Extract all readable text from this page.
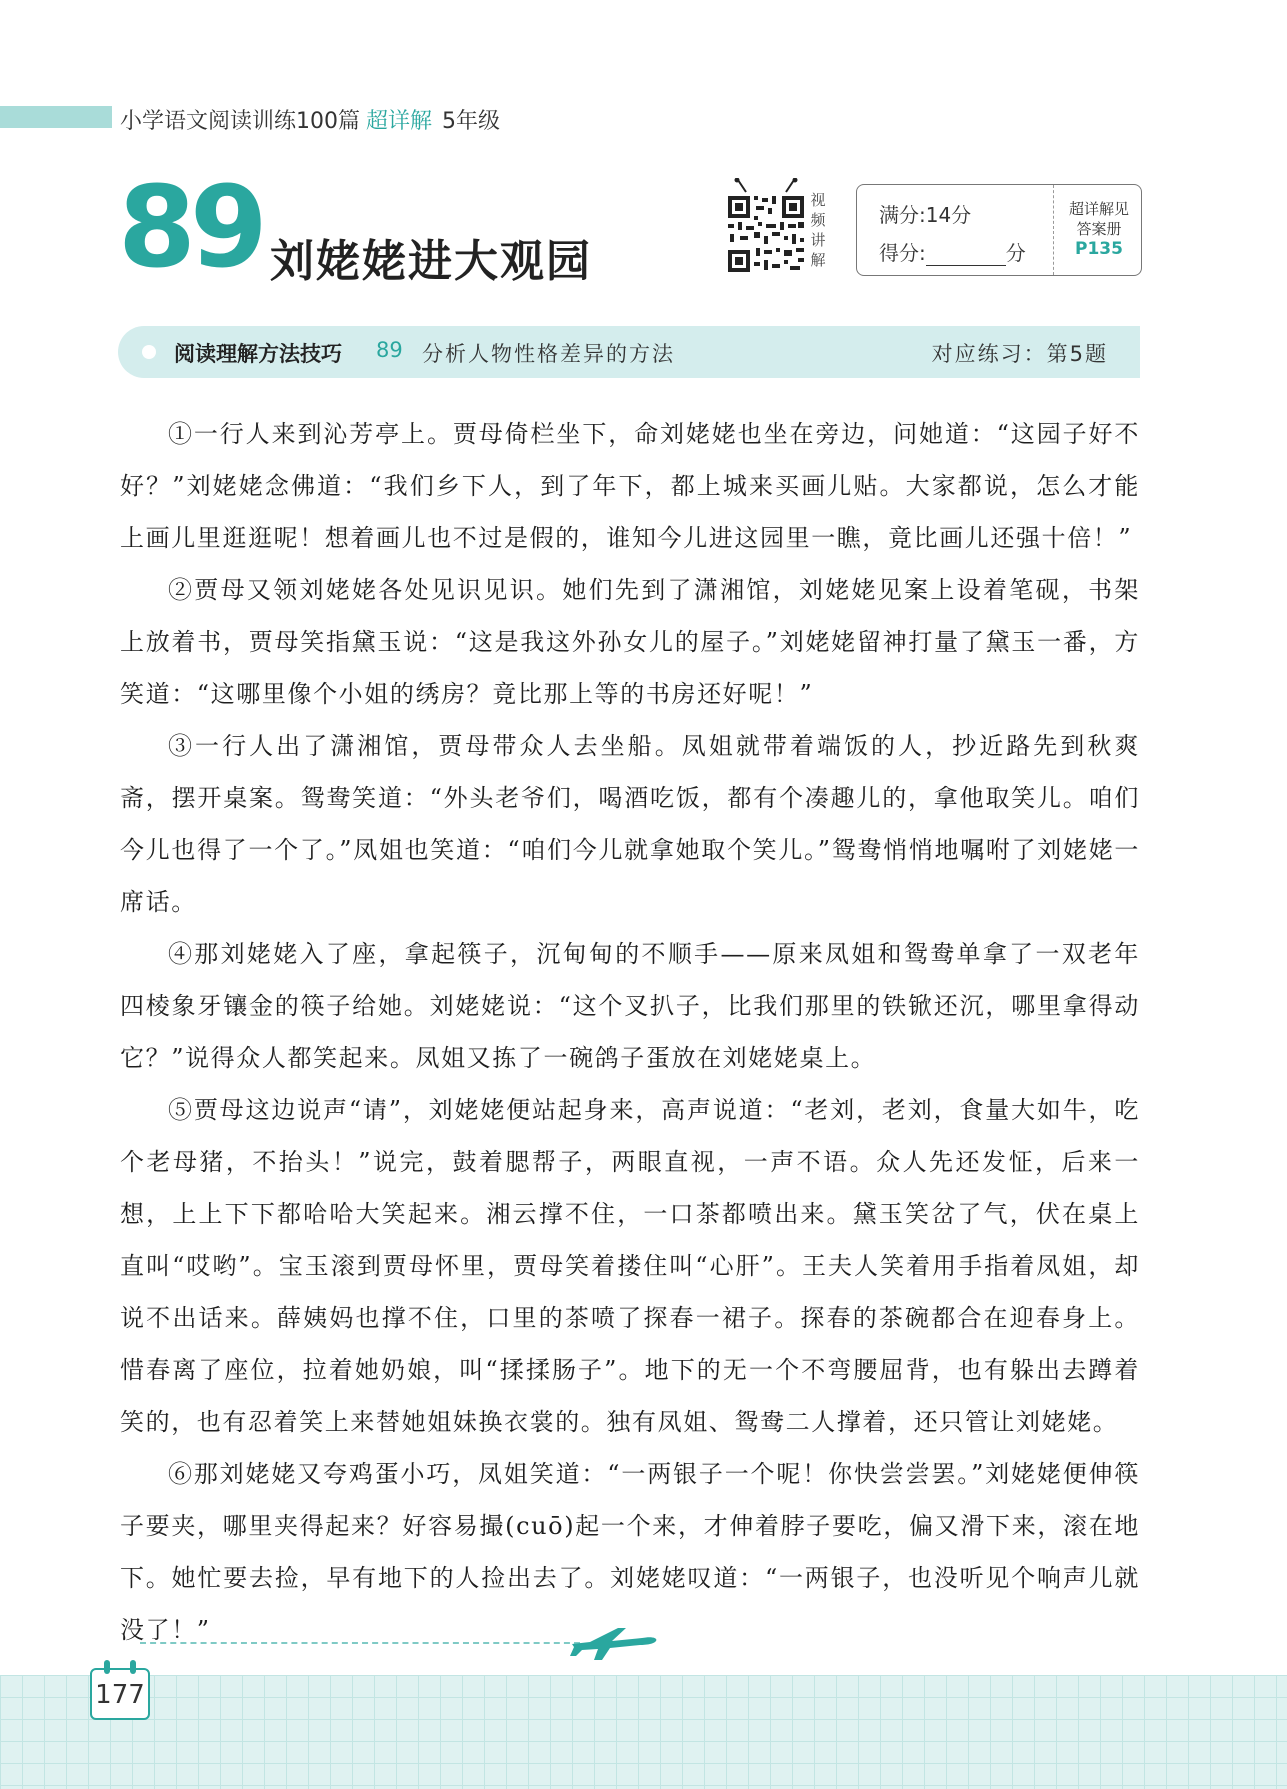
小学语文阅读训练100篇 超详解 5年级
89 刘姥姥进大观园
视
频
讲
解
满分:14分
得分:	分
超详解见
答案册
P135
阅读理解方法技巧 89 分析人物性格差异的方法	对应练习：第5题

①一行人来到沁芳亭上。贾母倚栏坐下，命刘姥姥也坐在旁边，问她道：“这园子好不好？”刘姥姥念佛道：“我们乡下人，到了年下，都上城来买画儿贴。大家都说，怎么才能上画儿里逛逛呢！想着画儿也不过是假的，谁知今儿进这园里一瞧，竟比画儿还强十倍！”

②贾母又领刘姥姥各处见识见识。她们先到了潇湘馆，刘姥姥见案上设着笔砚，书架上放着书，贾母笑指黛玉说：“这是我这外孙女儿的屋子。”刘姥姥留神打量了黛玉一番，方笑道：“这哪里像个小姐的绣房？竟比那上等的书房还好呢！”

③一行人出了潇湘馆，贾母带众人去坐船。凤姐就带着端饭的人，抄近路先到秋爽斋，摆开桌案。鸳鸯笑道：“外头老爷们，喝酒吃饭，都有个凑趣儿的，拿他取笑儿。咱们今儿也得了一个了。”凤姐也笑道：“咱们今儿就拿她取个笑儿。”鸳鸯悄悄地嘱咐了刘姥姥一席话。

④那刘姥姥入了座，拿起筷子，沉甸甸的不顺手——原来凤姐和鸳鸯单拿了一双老年四棱象牙镶金的筷子给她。刘姥姥说：“这个叉扒子，比我们那里的铁锨还沉，哪里拿得动它？”说得众人都笑起来。凤姐又拣了一碗鸽子蛋放在刘姥姥桌上。

⑤贾母这边说声“请”，刘姥姥便站起身来，高声说道：“老刘，老刘，食量大如牛，吃个老母猪，不抬头！”说完，鼓着腮帮子，两眼直视，一声不语。众人先还发怔，后来一想，上上下下都哈哈大笑起来。湘云撑不住，一口茶都喷出来。黛玉笑岔了气，伏在桌上直叫“哎哟”。宝玉滚到贾母怀里，贾母笑着搂住叫“心肝”。王夫人笑着用手指着凤姐，却说不出话来。薛姨妈也撑不住，口里的茶喷了探春一裙子。探春的茶碗都合在迎春身上。惜春离了座位，拉着她奶娘，叫“揉揉肠子”。地下的无一个不弯腰屈背，也有躲出去蹲着笑的，也有忍着笑上来替她姐妹换衣裳的。独有凤姐、鸳鸯二人撑着，还只管让刘姥姥。

⑥那刘姥姥又夸鸡蛋小巧，凤姐笑道：“一两银子一个呢！你快尝尝罢。”刘姥姥便伸筷子要夹，哪里夹得起来？好容易撮(cuō)起一个来，才伸着脖子要吃，偏又滑下来，滚在地下。她忙要去捡，早有地下的人捡出去了。刘姥姥叹道：“一两银子，也没听见个响声儿就没了！”

177
